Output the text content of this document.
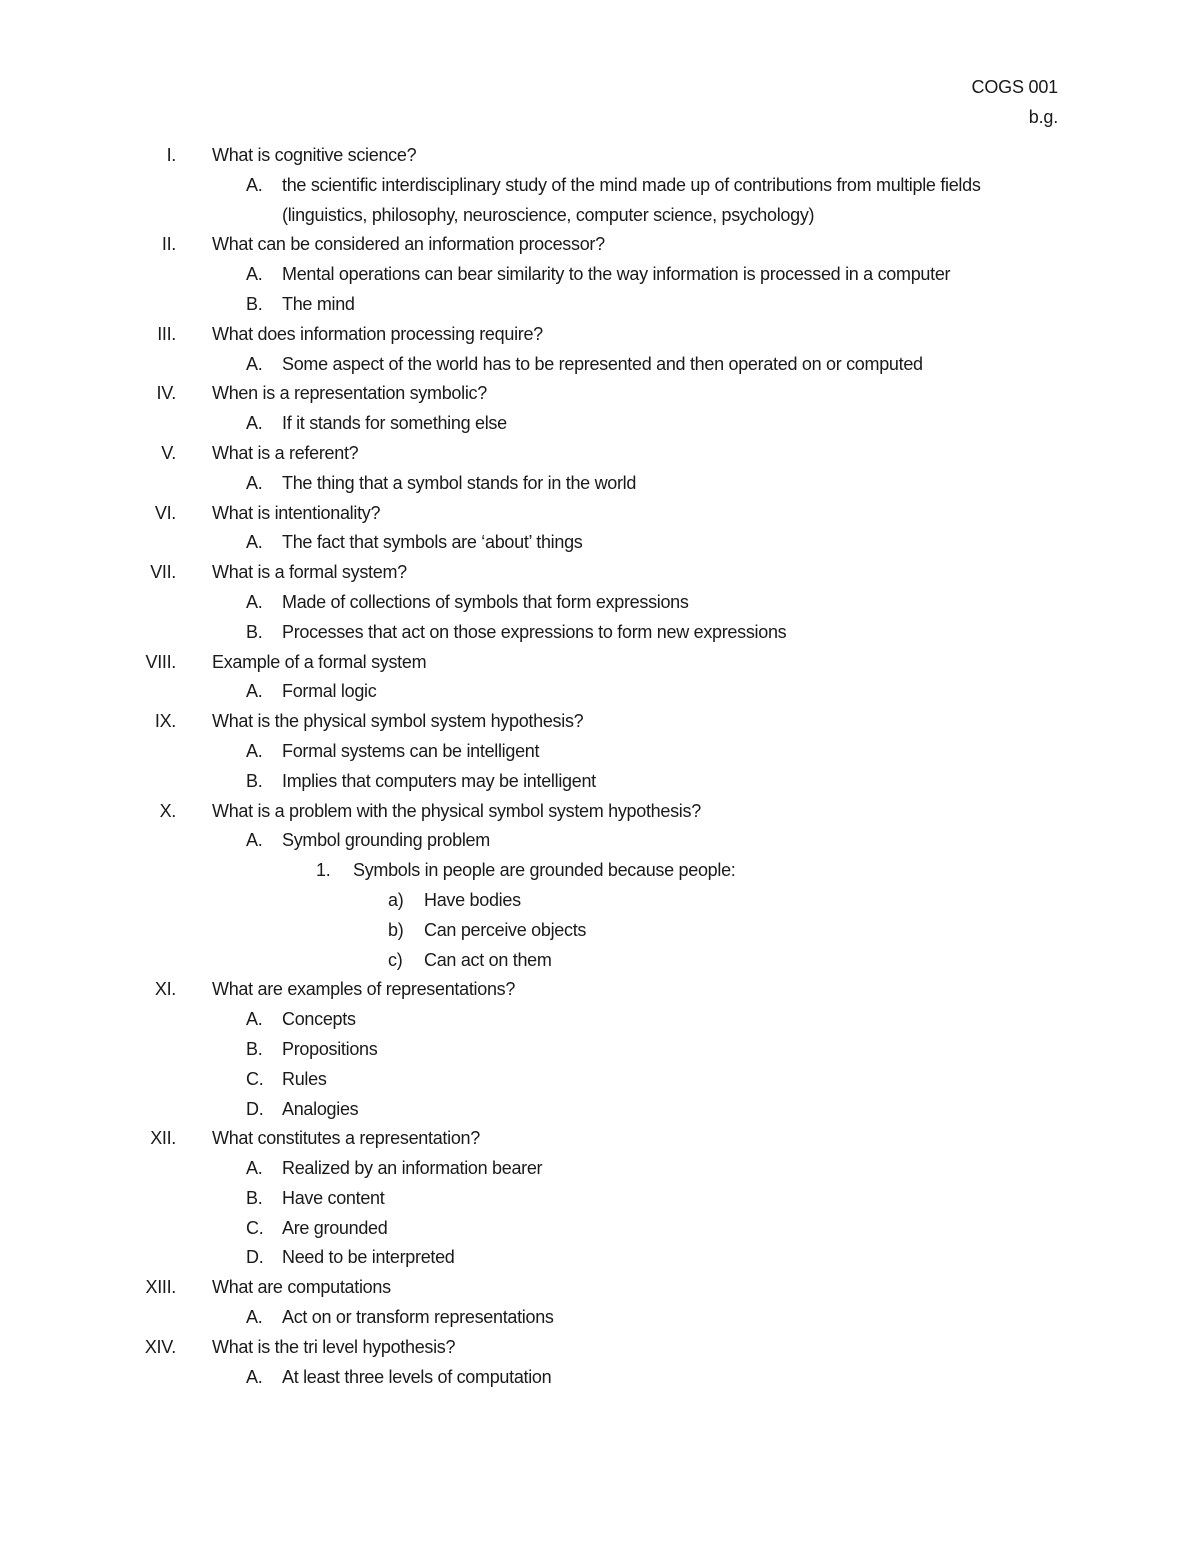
COGS 001
b.g.
I. What is cognitive science?
A. the scientific interdisciplinary study of the mind made up of contributions from multiple fields
(linguistics, philosophy, neuroscience, computer science, psychology)
II. What can be considered an information processor?
A. Mental operations can bear similarity to the way information is processed in a computer
B. The mind
III. What does information processing require?
A. Some aspect of the world has to be represented and then operated on or computed
IV. When is a representation symbolic?
A. If it stands for something else
V. What is a referent?
A. The thing that a symbol stands for in the world
VI. What is intentionality?
A. The fact that symbols are ‘about’ things
VII. What is a formal system?
A. Made of collections of symbols that form expressions
B. Processes that act on those expressions to form new expressions
VIII. Example of a formal system
A. Formal logic
IX. What is the physical symbol system hypothesis?
A. Formal systems can be intelligent
B. Implies that computers may be intelligent
X. What is a problem with the physical symbol system hypothesis?
A. Symbol grounding problem
1. Symbols in people are grounded because people:
a) Have bodies
b) Can perceive objects
c) Can act on them
XI. What are examples of representations?
A. Concepts
B. Propositions
C. Rules
D. Analogies
XII. What constitutes a representation?
A. Realized by an information bearer
B. Have content
C. Are grounded
D. Need to be interpreted
XIII. What are computations
A. Act on or transform representations
XIV. What is the tri level hypothesis?
A. At least three levels of computation
